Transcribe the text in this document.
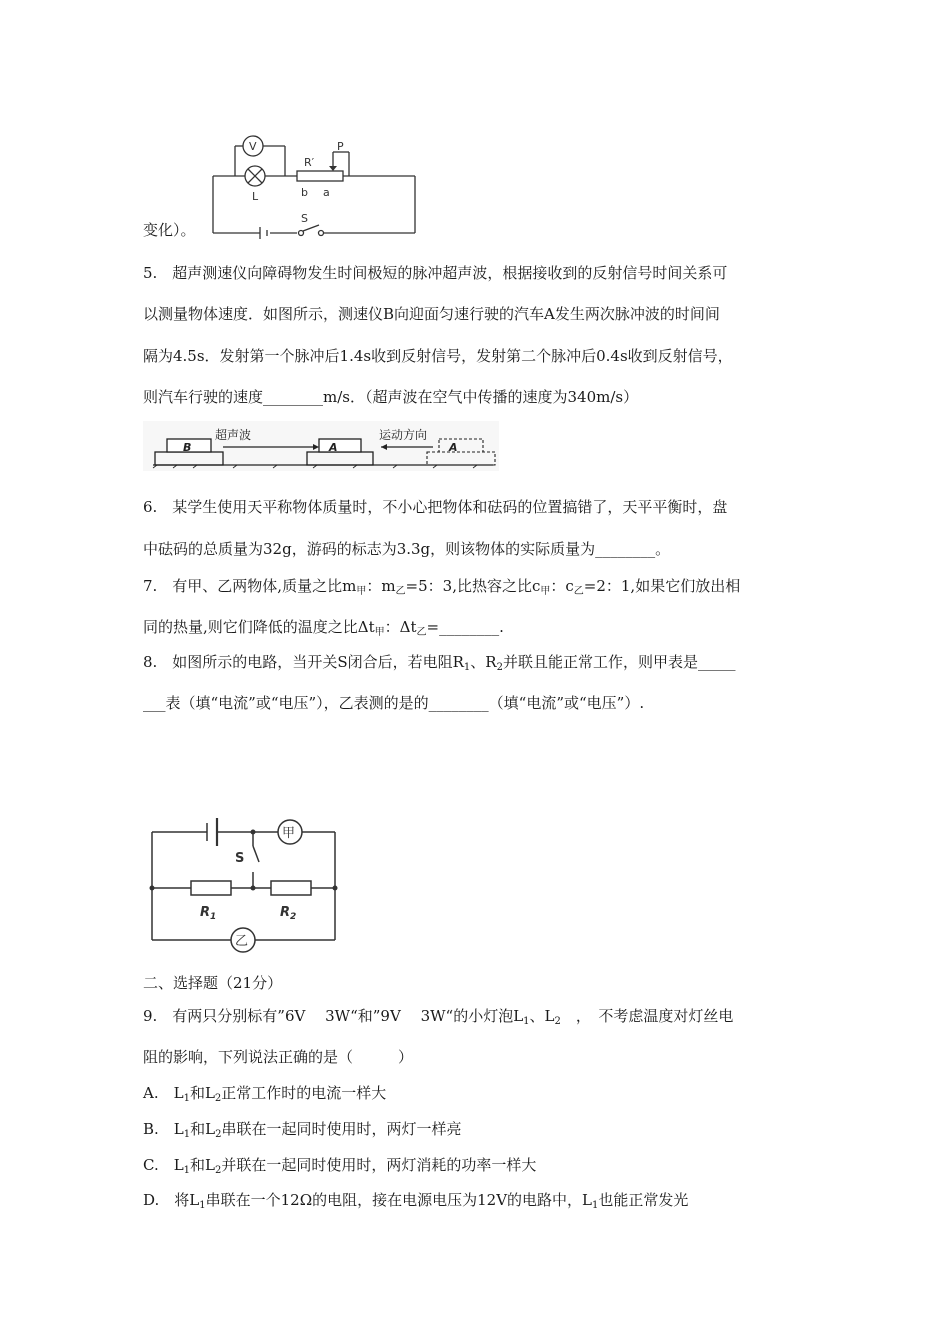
V
L
R′
P
b a
S
变化）。
5.　超声测速仪向障碍物发生时间极短的脉冲超声波，根据接收到的反射信号时间关系可
以测量物体速度．如图所示，测速仪B向迎面匀速行驶的汽车A发生两次脉冲波的时间间
隔为4.5s．发射第一个脉冲后1.4s收到反射信号，发射第二个脉冲后0.4s收到反射信号，
则汽车行驶的速度________m/s．（超声波在空气中传播的速度为340m/s）
B	A	A
超声波	运动方向
6.　某学生使用天平称物体质量时，不小心把物体和砝码的位置搞错了，天平平衡时，盘
中砝码的总质量为32g，游码的标志为3.3g，则该物体的实际质量为________。
7.　有甲、乙两物体,质量之比$m_甲$：$m_乙=5$：3,比热容之比$c_甲$：$c_乙=2$：1,如果它们放出相
同的热量,则它们降低的温度之比$\Delta t_甲$：$\Delta t_乙=\_\_\_\_\_\_\_\_$.
8.　如图所示的电路，当开关S闭合后，若电阻$R_1$、$R_2$并联且能正常工作，则甲表是_____
___表（填“电流”或“电压”），乙表测的是的________（填“电流”或“电压”）.
甲
乙
S
$R_1$	$R_2$
二、选择题（21分）
9.　有两只分别标有”6V　 3W“和”9V　 3W“的小灯泡$L_1$、$L_2$　，　不考虑温度对灯丝电
阻的影响，下列说法正确的是（　　　）
A.　$L_1$和$L_2$正常工作时的电流一样大
B.　$L_1$和$L_2$串联在一起同时使用时，两灯一样亮
C.　$L_1$和$L_2$并联在一起同时使用时，两灯消耗的功率一样大
D.　将$L_1$串联在一个12Ω的电阻，接在电源电压为12V的电路中，$L_1$也能正常发光
